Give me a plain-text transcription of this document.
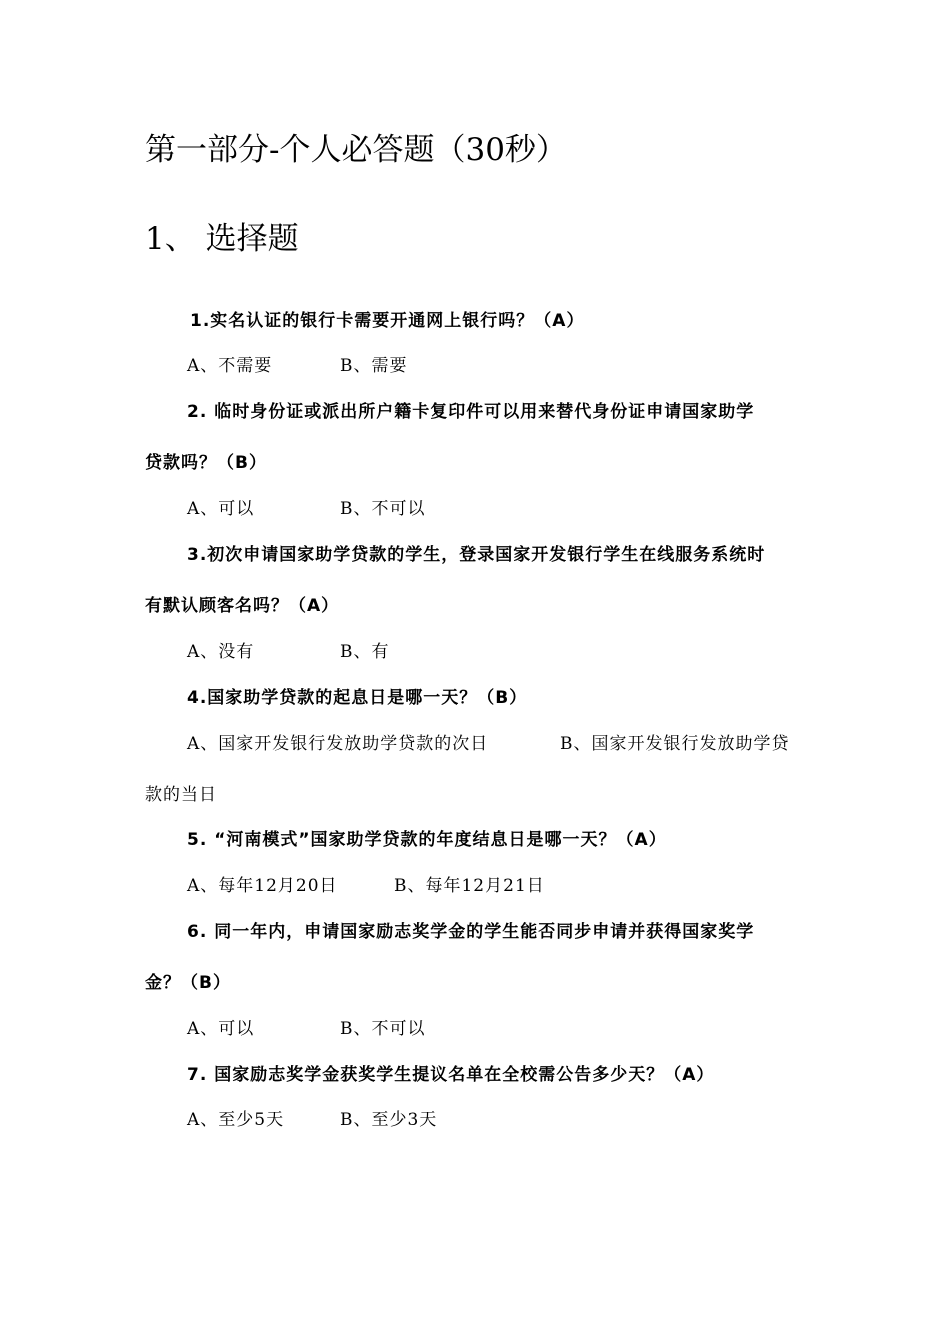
第一部分-个人必答题（30秒）
1、 选择题
1.实名认证的银行卡需要开通网上银行吗？（A）
A、不需要	B、需要
2. 临时身份证或派出所户籍卡复印件可以用来替代身份证申请国家助学
贷款吗？（B）
A、可以	B、不可以
3.初次申请国家助学贷款的学生，登录国家开发银行学生在线服务系统时
有默认顾客名吗？（A）
A、没有	B、有
4.国家助学贷款的起息日是哪一天？（B）
A、国家开发银行发放助学贷款的次日	B、国家开发银行发放助学贷
款的当日
5. “河南模式”国家助学贷款的年度结息日是哪一天？（A）
A、每年12月20日	B、每年12月21日
6. 同一年内，申请国家励志奖学金的学生能否同步申请并获得国家奖学
金？（B）
A、可以	B、不可以
7. 国家励志奖学金获奖学生提议名单在全校需公告多少天？（A）
A、至少5天	B、至少3天
